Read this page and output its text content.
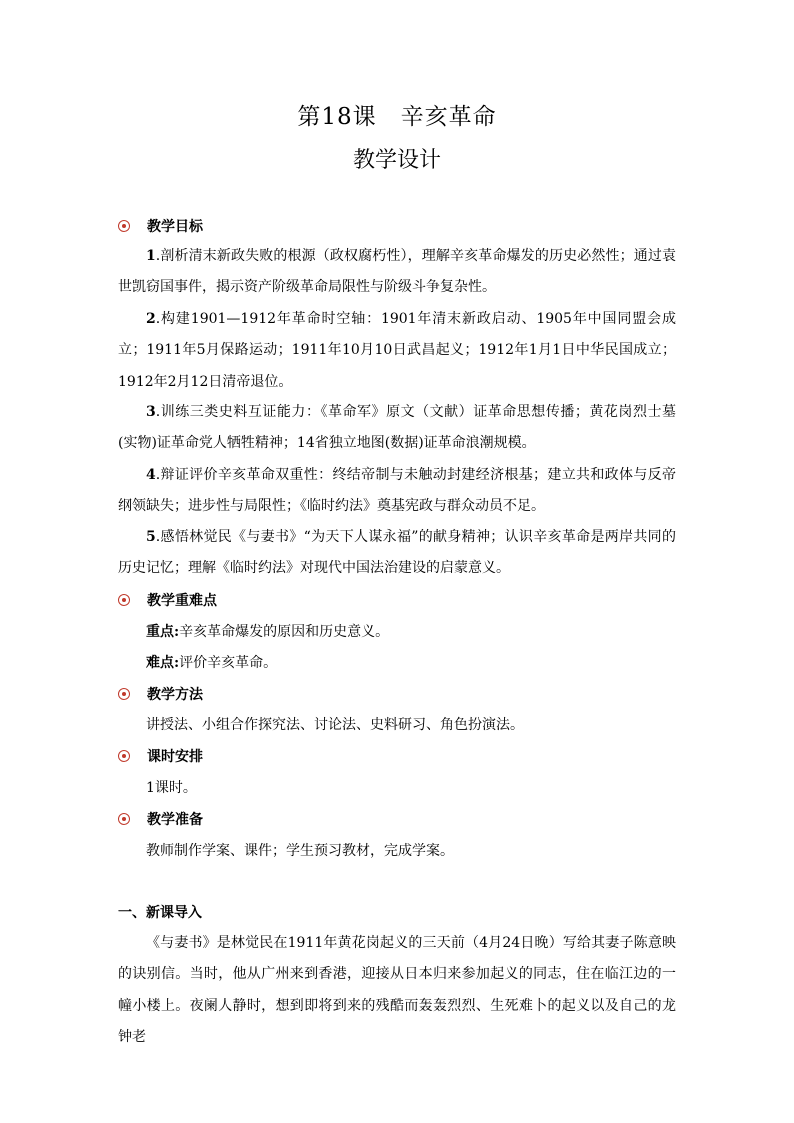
第18课　辛亥革命
教学设计
教学目标
1.剖析清末新政失败的根源（政权腐朽性），理解辛亥革命爆发的历史必然性；通过袁世凯窃国事件，揭示资产阶级革命局限性与阶级斗争复杂性。
2.构建1901—1912年革命时空轴：1901年清末新政启动、1905年中国同盟会成立；1911年5月保路运动；1911年10月10日武昌起义；1912年1月1日中华民国成立；1912年2月12日清帝退位。
3.训练三类史料互证能力：《革命军》原文（文献）证革命思想传播；黄花岗烈士墓(实物)证革命党人牺牲精神；14省独立地图(数据)证革命浪潮规模。
4.辩证评价辛亥革命双重性：终结帝制与未触动封建经济根基；建立共和政体与反帝纲领缺失；进步性与局限性；《临时约法》奠基宪政与群众动员不足。
5.感悟林觉民《与妻书》“为天下人谋永福”的献身精神；认识辛亥革命是两岸共同的历史记忆；理解《临时约法》对现代中国法治建设的启蒙意义。
教学重难点
重点:辛亥革命爆发的原因和历史意义。
难点:评价辛亥革命。
教学方法
讲授法、小组合作探究法、讨论法、史料研习、角色扮演法。
课时安排
1课时。
教学准备
教师制作学案、课件；学生预习教材，完成学案。
一、新课导入
《与妻书》是林觉民在1911年黄花岗起义的三天前（4月24日晚）写给其妻子陈意映的诀别信。当时，他从广州来到香港，迎接从日本归来参加起义的同志，住在临江边的一幢小楼上。夜阑人静时，想到即将到来的残酷而轰轰烈烈、生死难卜的起义以及自己的龙钟老
